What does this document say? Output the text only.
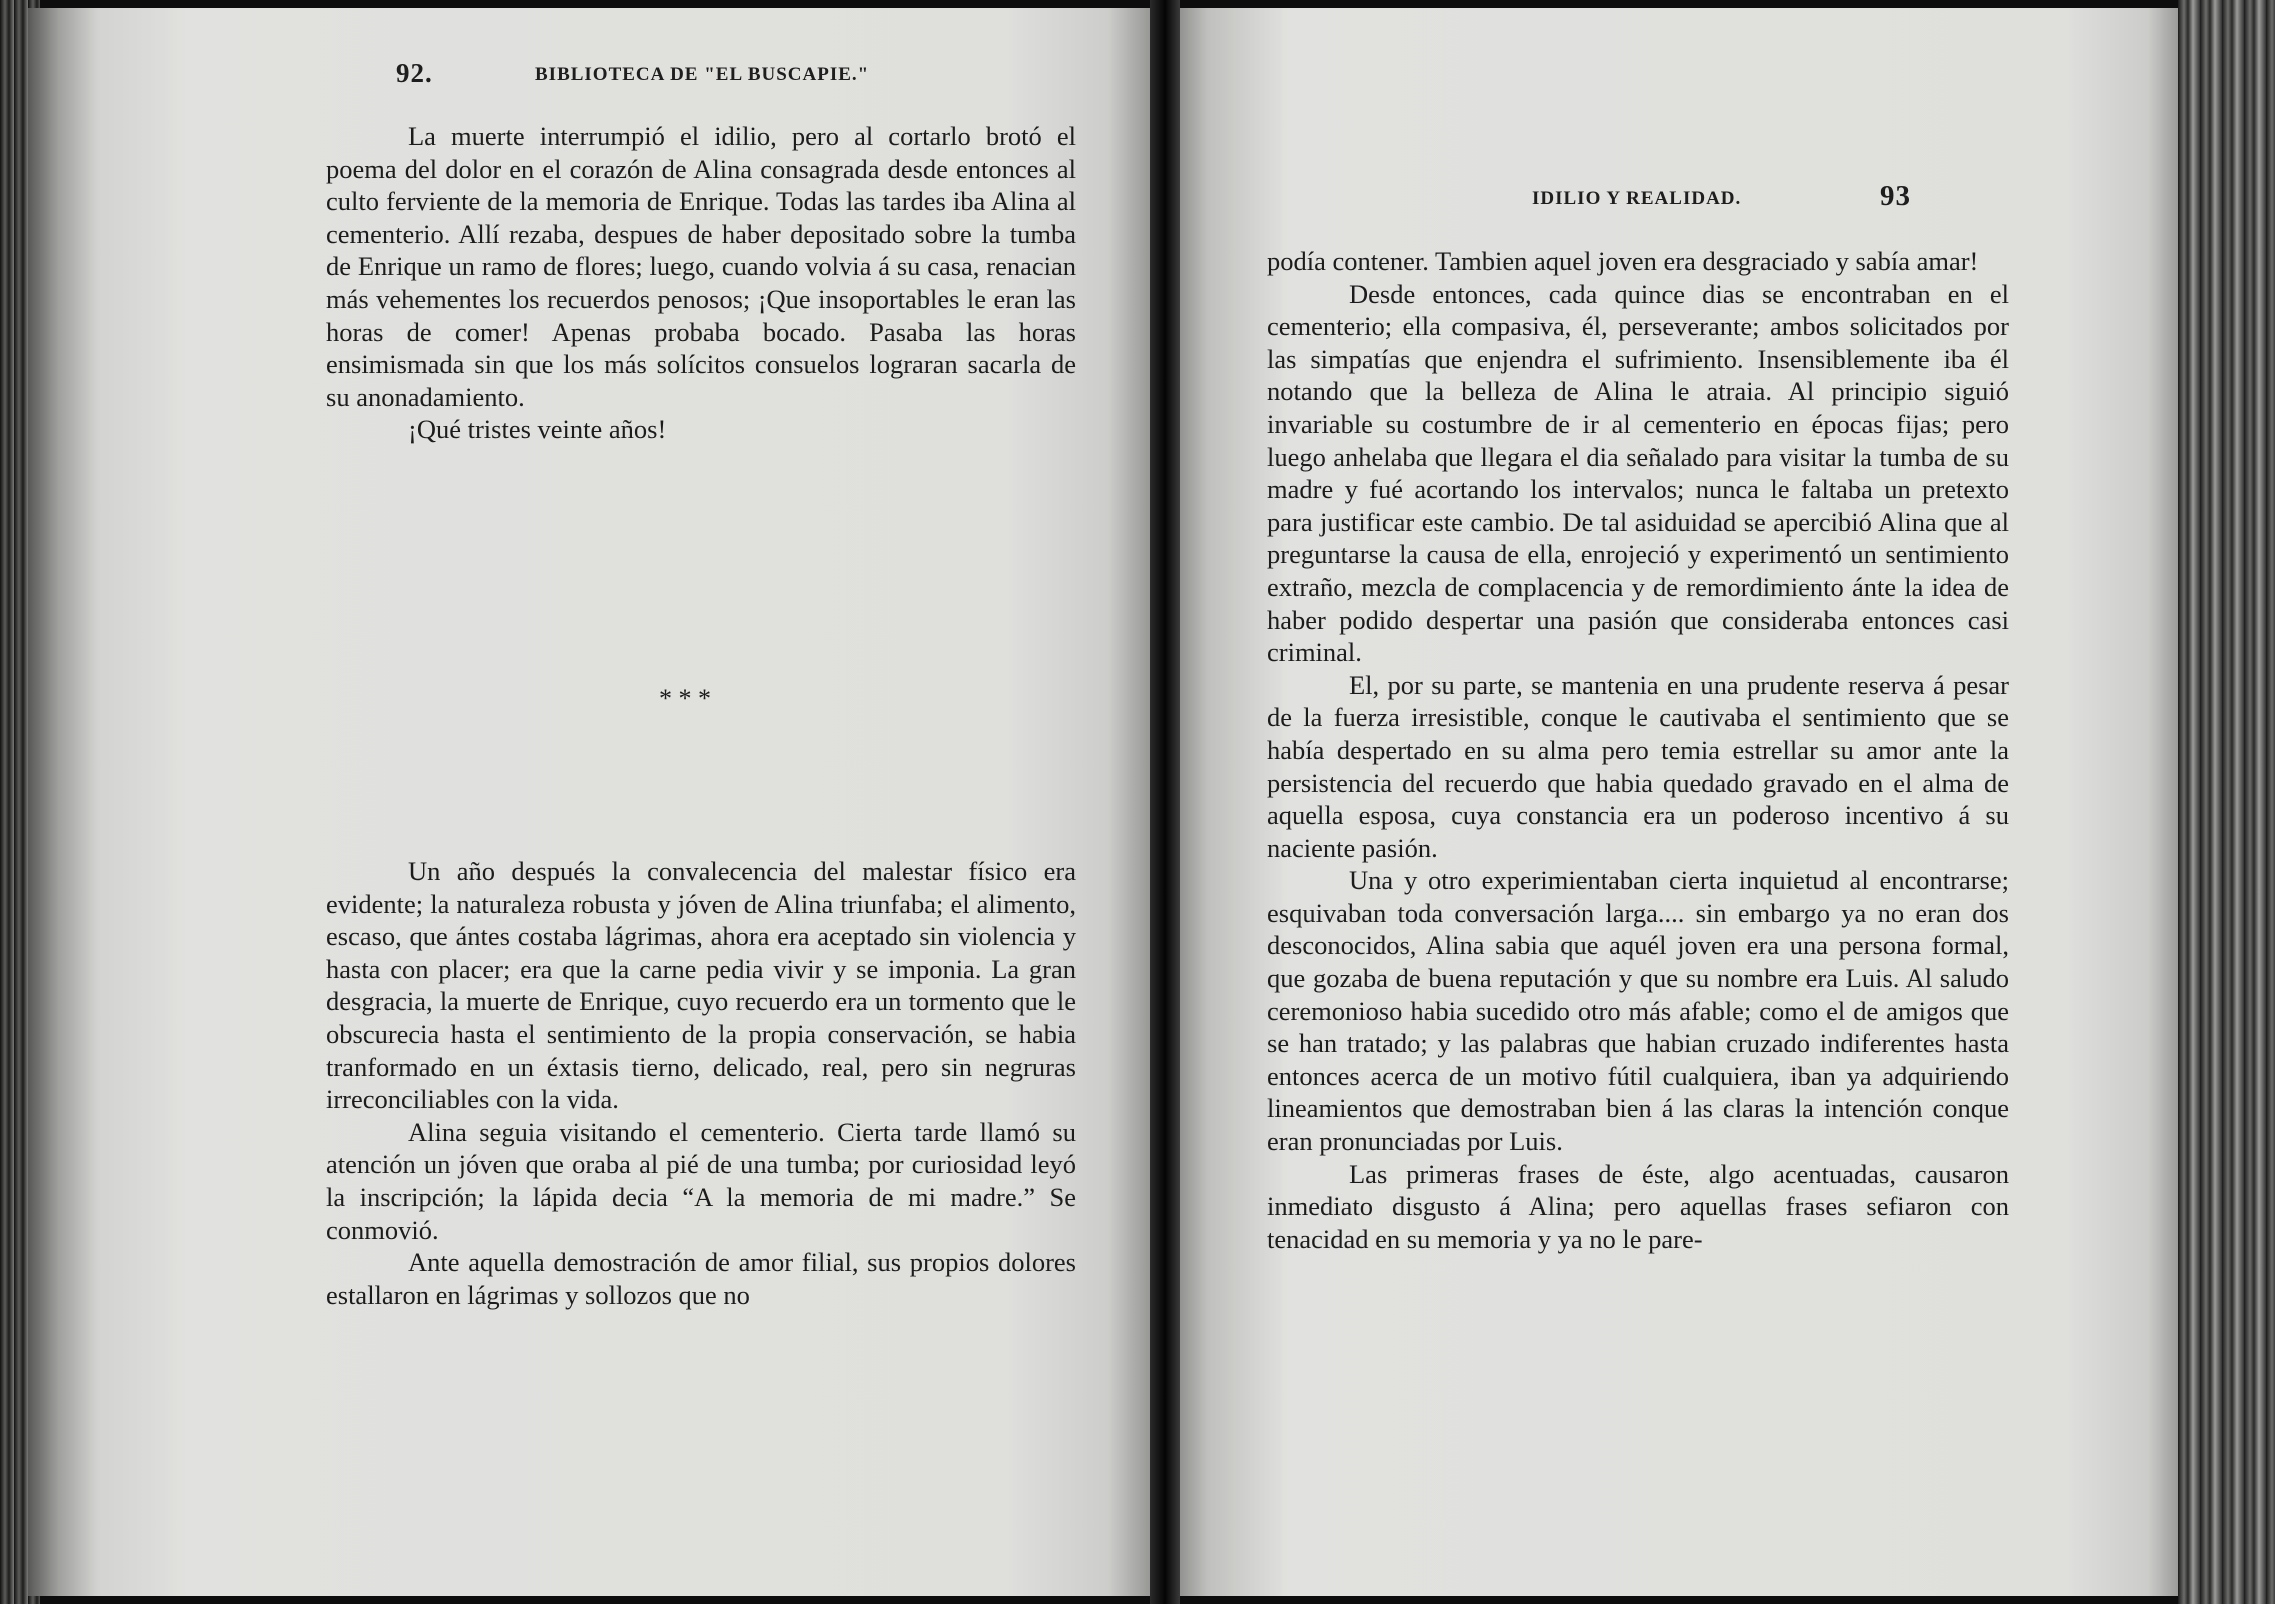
92.	BIBLIOTECA DE "EL BUSCAPIE."

La muerte interrumpió el idilio, pero al cortarlo brotó el poema del dolor en el corazón de Alina consagrada desde entonces al culto ferviente de la memoria de Enrique. Todas las tardes iba Alina al cementerio. Allí rezaba, despues de haber depositado sobre la tumba de Enrique un ramo de flores; luego, cuando volvia á su casa, renacian más vehementes los recuerdos penosos; ¡Que insoportables le eran las horas de comer! Apenas probaba bocado. Pasaba las horas ensimismada sin que los más solícitos consuelos lograran sacarla de su anonadamiento.

¡Qué tristes veinte años!

* * *

Un año después la convalecencia del malestar físico era evidente; la naturaleza robusta y jóven de Alina triunfaba; el alimento, escaso, que ántes costaba lágrimas, ahora era aceptado sin violencia y hasta con placer; era que la carne pedia vivir y se imponia. La gran desgracia, la muerte de Enrique, cuyo recuerdo era un tormento que le obscurecia hasta el sentimiento de la propia conservación, se habia tranformado en un éxtasis tierno, delicado, real, pero sin negruras irreconciliables con la vida.

Alina seguia visitando el cementerio. Cierta tarde llamó su atención un jóven que oraba al pié de una tumba; por curiosidad leyó la inscripción; la lápida decia “A la memoria de mi madre.” Se conmovió.

Ante aquella demostración de amor filial, sus propios dolores estallaron en lágrimas y sollozos que no

IDILIO Y REALIDAD.	93

podía contener. Tambien aquel joven era desgraciado y sabía amar!

Desde entonces, cada quince dias se encontraban en el cementerio; ella compasiva, él, perseverante; ambos solicitados por las simpatías que enjendra el sufrimiento. Insensiblemente iba él notando que la belleza de Alina le atraia. Al principio siguió invariable su costumbre de ir al cementerio en épocas fijas; pero luego anhelaba que llegara el dia señalado para visitar la tumba de su madre y fué acortando los intervalos; nunca le faltaba un pretexto para justificar este cambio. De tal asiduidad se apercibió Alina que al preguntarse la causa de ella, enrojeció y experimentó un sentimiento extraño, mezcla de complacencia y de remordimiento ánte la idea de haber podido despertar una pasión que consideraba entonces casi criminal.

El, por su parte, se mantenia en una prudente reserva á pesar de la fuerza irresistible, conque le cautivaba el sentimiento que se había despertado en su alma pero temia estrellar su amor ante la persistencia del recuerdo que habia quedado gravado en el alma de aquella esposa, cuya constancia era un poderoso incentivo á su naciente pasión.

Una y otro experimientaban cierta inquietud al encontrarse; esquivaban toda conversación larga.... sin embargo ya no eran dos desconocidos, Alina sabia que aquél joven era una persona formal, que gozaba de buena reputación y que su nombre era Luis. Al saludo ceremonioso habia sucedido otro más afable; como el de amigos que se han tratado; y las palabras que habian cruzado indiferentes hasta entonces acerca de un motivo fútil cualquiera, iban ya adquiriendo lineamientos que demostraban bien á las claras la intención conque eran pronunciadas por Luis.

Las primeras frases de éste, algo acentuadas, causaron inmediato disgusto á Alina; pero aquellas frases sefiaron con tenacidad en su memoria y ya no le pare-
